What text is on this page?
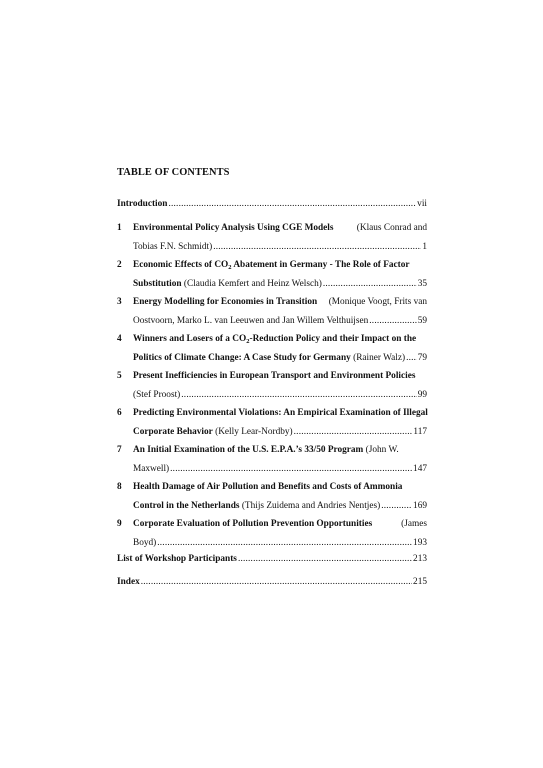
TABLE OF CONTENTS
Introduction .....	vii
1 Environmental Policy Analysis Using CGE Models	(Klaus Conrad and
Tobias F.N. Schmidt) .....	1
2 Economic Effects of $CO_2$ Abatement in Germany - The Role of Factor
Substitution
(Claudia Kemfert and Heinz Welsch) .....	35
3 Energy Modelling for Economies in Transition (Monique Voogt, Frits van
Oostvoorn, Marko L. van Leeuwen and Jan Willem Velthuijsen .....	59
4 Winners and Losers of a $CO_2$-Reduction Policy and their Impact on the
Politics of Climate Change: A Case Study for Germany
(Rainer Walz) ..... 79
5 Present Inefficiencies in European Transport and Environment Policies
(Stef Proost) .....	99
6 Predicting Environmental Violations: An Empirical Examination of Illegal
Corporate Behavior
(Kelly Lear-Nordby) .....	117
7 An Initial Examination of the U.S. E.P.A.’s 33/50 Program
(John W.
Maxwell) .....	147
8 Health Damage of Air Pollution and Benefits and Costs of Ammonia
Control in the Netherlands
(Thijs Zuidema and Andries Nentjes) .....	169
9 Corporate Evaluation of Pollution Prevention Opportunities	(James
Boyd) .....	193
List of Workshop Participants .....	213
Index .....	215
